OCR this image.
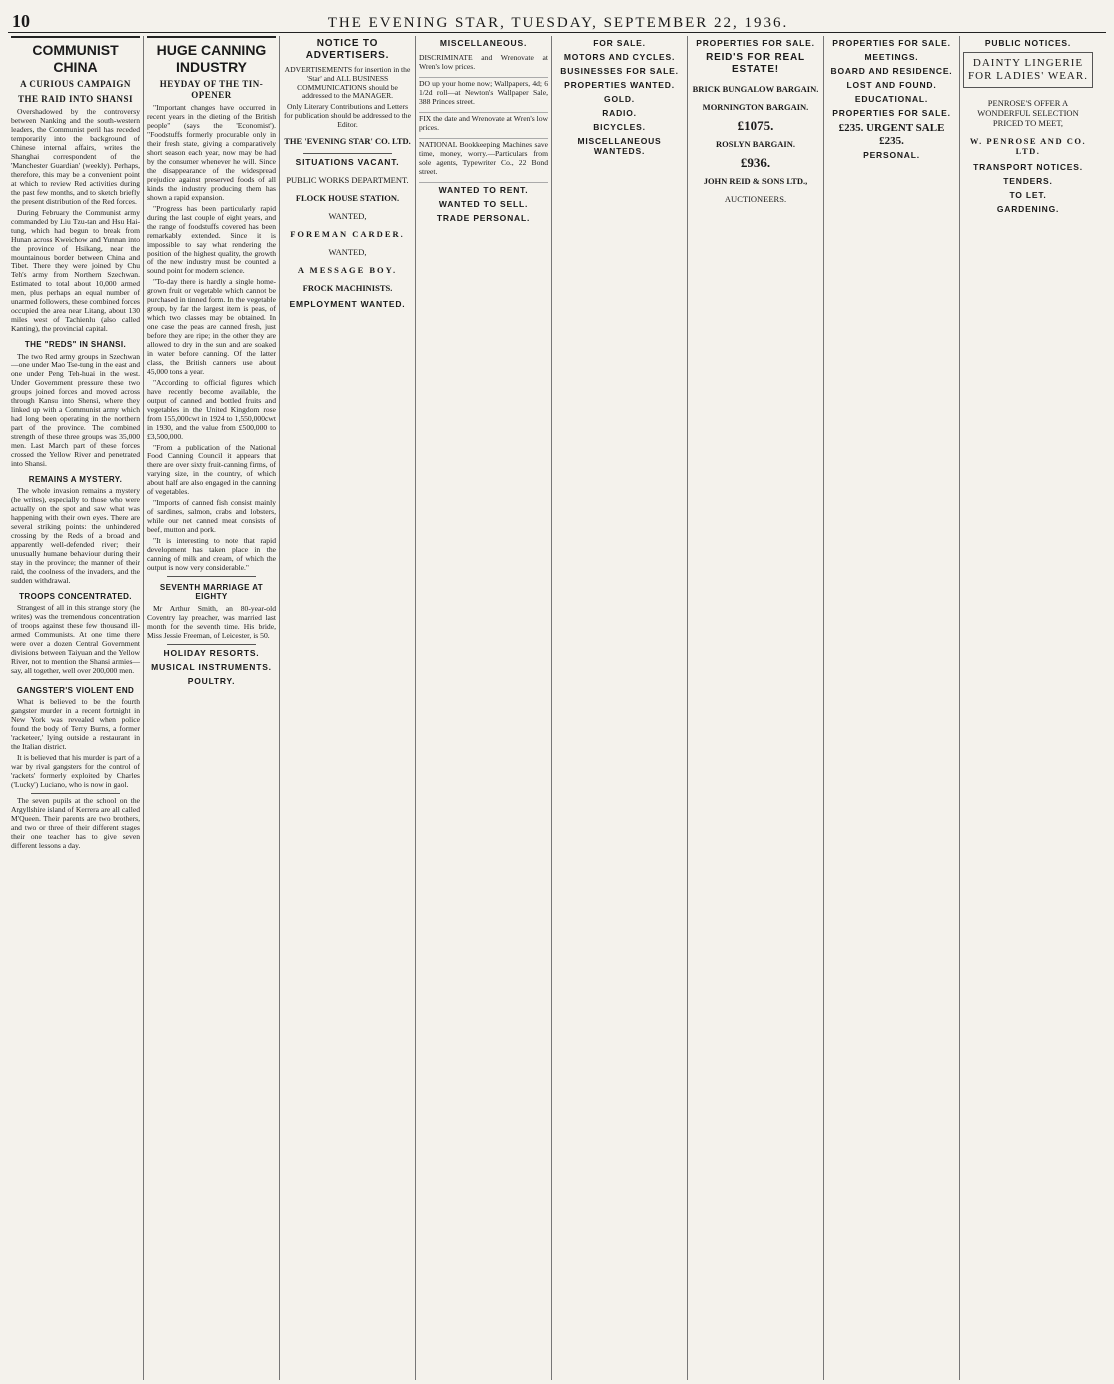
10	THE EVENING STAR, TUESDAY, SEPTEMBER 22, 1936.
COMMUNIST CHINA
A CURIOUS CAMPAIGN
THE RAID INTO SHANSI

Overshadowed by the controversy between Nanking and the south-western leaders, the Communist peril has receded temporarily into the background of Chinese internal affairs, writes the Shanghai correspondent of the 'Manchester Guardian' (weekly). Perhaps, therefore, this may be a convenient point at which to review Red activities during the past few months, and to sketch briefly the present distribution of the Red forces.

During February the Communist army commanded by Liu Tzu-tan and Hsu Hai-tung, which had begun to break from Hunan across Kweichow and Yunnan into the province of Hsikang, near the mountainous border between China and Tibet. There they were joined by Chu Teh's army from Northern Szechwan. Estimated to total about 10,000 armed men, plus perhaps an equal number of unarmed followers, these combined forces occupied the area near Litang, about 130 miles west of Tachienlu (also called Kanting), the provincial capital.

THE "REDS" IN SHANSI.

The two Red army groups in Szechwan—one under Mao Tse-tung in the east and one under Peng Teh-huai in the west. Under Government pressure these two groups joined forces and moved across through Kansu into Shensi, where they linked up with a Communist army which had long been operating in the northern part of the province. The combined strength of these three groups was 35,000 men. Last March part of these forces crossed the Yellow River and penetrated into Shansi.

REMAINS A MYSTERY.

The whole invasion remains a mystery (he writes), especially to those who were actually on the spot and saw what was happening with their own eyes. There are several striking points: the unhindered crossing by the Reds of a broad and apparently well-defended river; their unusually humane behaviour during their stay in the province; the manner of their raid, the coolness of the invaders, and the sudden withdrawal.

TROOPS CONCENTRATED.

Strangest of all in this strange story (he writes) was the tremendous concentration of troops against these few thousand ill-armed Communists. At one time there were over a dozen Central Government divisions between Taiyuan and the Yellow River, not to mention the Shansi armies—say, all together, well over 200,000 men.

GANGSTER'S VIOLENT END

What is believed to be the fourth gangster murder in a recent fortnight in New York was revealed when police found the body of Terry Burns, a former 'racketeer,' lying outside a restaurant in the Italian district.

It is believed that his murder is part of a war by rival gangsters for the control of 'rackets' formerly exploited by Charles ('Lucky') Luciano, who is now in gaol.

The seven pupils at the school on the Argyllshire island of Kerrera are all called M'Queen. Their parents are two brothers, and two or three of their different stages their one teacher has to give seven different lessons a day.

HUGE CANNING INDUSTRY
HEYDAY OF THE TIN-OPENER

"Important changes have occurred in recent years in the dieting of the British people" (says the 'Economist'). "Foodstuffs formerly procurable only in their fresh state, giving a comparatively short season each year, now may be had by the consumer whenever he will. Since the disappearance of the widespread prejudice against preserved foods of all kinds the industry producing them has shown a rapid expansion.

"Progress has been particularly rapid during the last couple of eight years, and the range of foodstuffs covered has been remarkably extended. Since it is impossible to say what rendering the position of the highest quality, the growth of the new industry must be counted a sound point for modern science.

"To-day there is hardly a single home-grown fruit or vegetable which cannot be purchased in tinned form. In the vegetable group, by far the largest item is peas, of which two classes may be obtained. In one case the peas are canned fresh, just before they are ripe; in the other they are allowed to dry in the sun and are soaked in water before canning. Of the latter class, the British canners use about 45,000 tons a year.

"According to official figures which have recently become available, the output of canned and bottled fruits and vegetables in the United Kingdom rose from 155,000cwt in 1924 to 1,550,000cwt in 1930, and the value from £500,000 to £3,500,000.

"From a publication of the National Food Canning Council it appears that there are over sixty fruit-canning firms, of varying size, in the country, of which about half are also engaged in the canning of vegetables.

"Imports of canned fish consist mainly of sardines, salmon, crabs and lobsters, while our net canned meat consists of beef, mutton and pork.

"It is interesting to note that rapid development has taken place in the canning of milk and cream, of which the output is now very considerable."

SEVENTH MARRIAGE AT EIGHTY

Mr Arthur Smith, an 80-year-old Coventry lay preacher, was married last month for the seventh time. His bride, Miss Jessie Freeman, of Leicester, is 50.

HOLIDAY RESORTS.
MUSICAL INSTRUMENTS.
POULTRY.
NOTICE TO ADVERTISERS.

ADVERTISEMENTS for insertion in the 'Star' and ALL BUSINESS COMMUNICATIONS should be addressed to the MANAGER.

Only Literary Contributions and Letters for publication should be addressed to the Editor.

THE 'EVENING STAR' CO. LTD.
SITUATIONS VACANT.
PUBLIC WORKS DEPARTMENT.
FLOCK HOUSE STATION.
WANTED,
FOREMAN CARDER.
WANTED,
A MESSAGE BOY.
FROCK MACHINISTS.
EMPLOYMENT WANTED.
MISCELLANEOUS.

DISCRIMINATE and Wrenovate at Wren's low prices.

DO up your home now; Wallpapers, 4d; 6 1/2d roll—at Newton's Wallpaper Sale, 388 Princes street.

FIX the date and Wrenovate at Wren's low prices.

NATIONAL Bookkeeping Machines save time, money, worry.—Particulars from sole agents, Typewriter Co., 22 Bond street.

WANTED TO RENT.
WANTED TO SELL.
TRADE PERSONAL.
FOR SALE.
MOTORS AND CYCLES.
BUSINESSES FOR SALE.
PROPERTIES WANTED.
GOLD.
RADIO.
BICYCLES.
MISCELLANEOUS WANTEDS.
PROPERTIES FOR SALE.
REID'S FOR REAL ESTATE!
BRICK BUNGALOW BARGAIN.
MORNINGTON BARGAIN.
£1075.
ROSLYN BARGAIN.
£936.
JOHN REID & SONS LTD.,
AUCTIONEERS.
PROPERTIES FOR SALE.
MEETINGS.
BOARD AND RESIDENCE.
LOST AND FOUND.
EDUCATIONAL.
PROPERTIES FOR SALE.
£235. URGENT SALE £235.
PERSONAL.
PUBLIC NOTICES.
DAINTY LINGERIE FOR LADIES' WEAR.
PENROSE'S OFFER A WONDERFUL SELECTION PRICED TO MEET,
W. PENROSE AND CO. LTD.
TRANSPORT NOTICES.
TENDERS.
TO LET.
GARDENING.
